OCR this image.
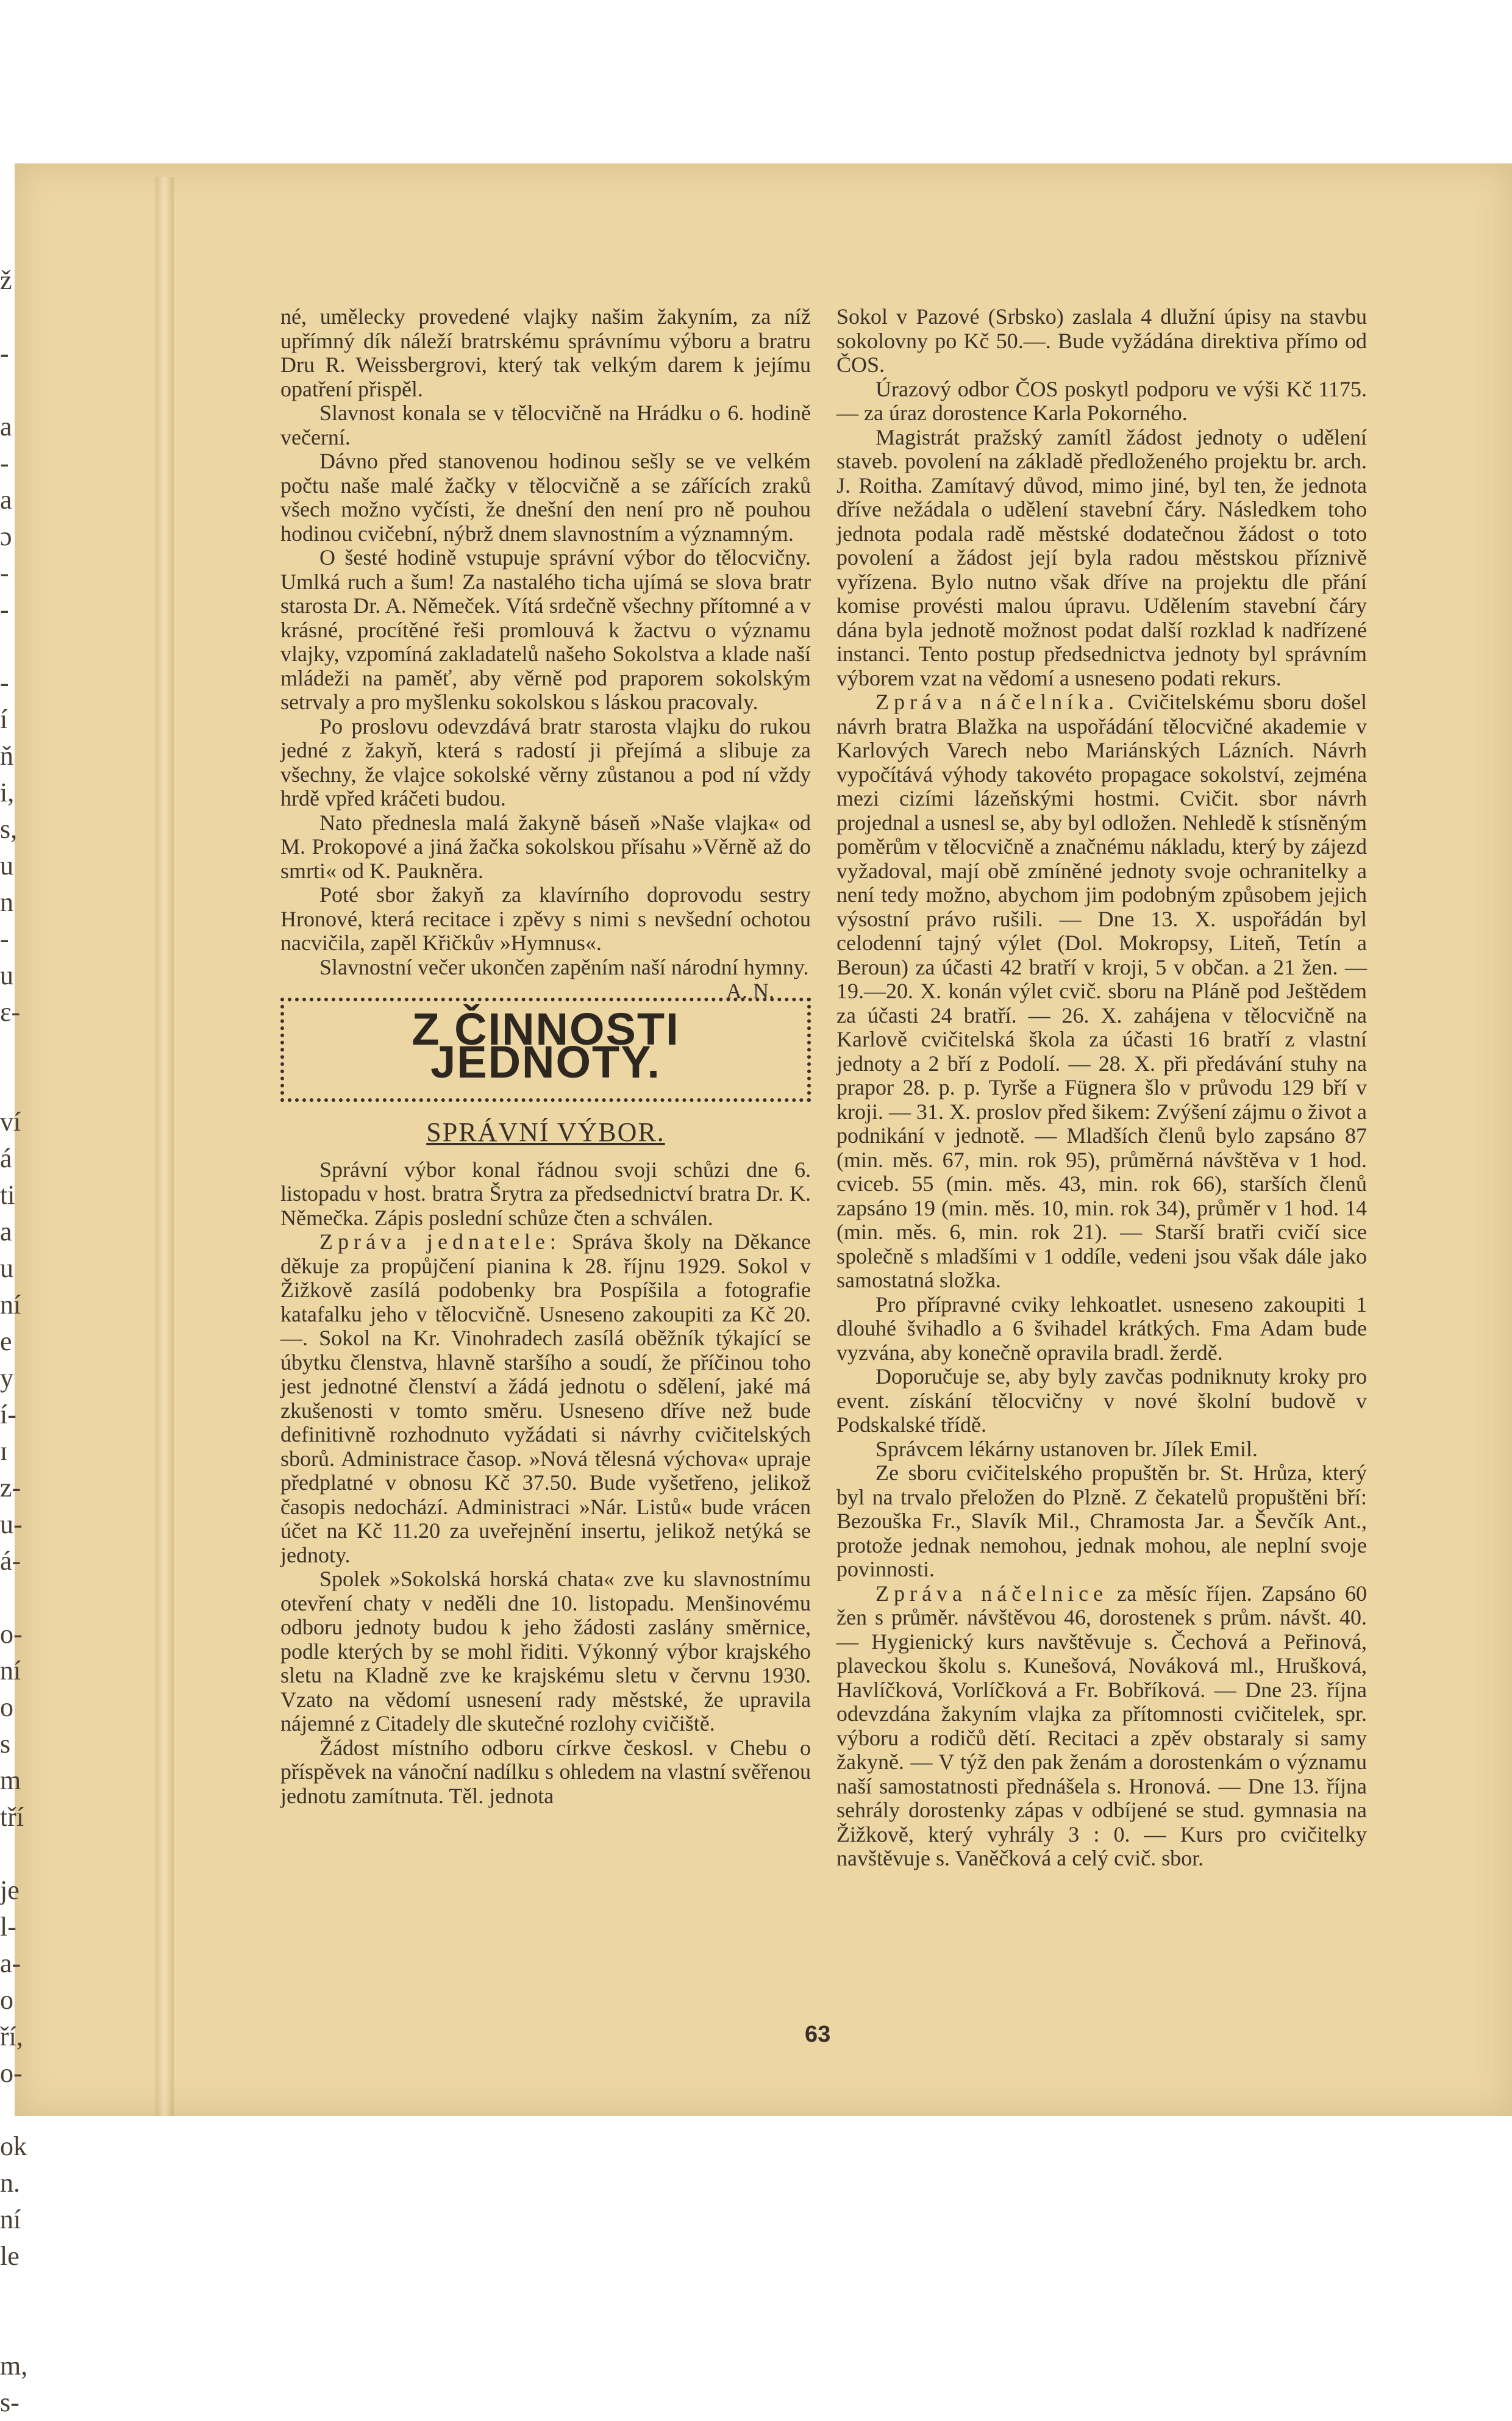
ž
-
a
-
a
ɔ
-
-
-
í
ň
i,
s,
u
n
-
u
ε-
ví
á
ti
a
u
ní
e
y
í-
ɪ
z-
u-
á-
o-
ní
o
s
m
tří
je
l-
a-
o
ří,
o-
ok
n.
ní
le
m,
s-

né, umělecky provedené vlajky našim žakyním, za níž upřímný dík náleží bratrskému správnímu výboru a bratru Dru R. Weissbergrovi, který tak velkým darem k jejímu opatření přispěl.

Slavnost konala se v tělocvičně na Hrádku o 6. hodině večerní.

Dávno před stanovenou hodinou sešly se ve velkém počtu naše malé žačky v tělocvičně a se zářících zraků všech možno vyčísti, že dnešní den není pro ně pouhou hodinou cvičební, nýbrž dnem slavnostním a významným.

O šesté hodině vstupuje správní výbor do tělocvičny. Umlká ruch a šum! Za nastalého ticha ujímá se slova bratr starosta Dr. A. Němeček. Vítá srdečně všechny přítomné a v krásné, procítěné řeši promlouvá k žactvu o významu vlajky, vzpomíná zakladatelů našeho Sokolstva a klade naší mládeži na paměť, aby věrně pod praporem sokolským setrvaly a pro myšlenku sokolskou s láskou pracovaly.

Po proslovu odevzdává bratr starosta vlajku do rukou jedné z žakyň, která s radostí ji přejímá a slibuje za všechny, že vlajce sokolské věrny zůstanou a pod ní vždy hrdě vpřed kráčeti budou.

Nato přednesla malá žakyně báseň »Naše vlajka« od M. Prokopové a jiná žačka sokolskou přísahu »Věrně až do smrti« od K. Paukněra.

Poté sbor žakyň za klavírního doprovodu sestry Hronové, která recitace i zpěvy s nimi s nevšední ochotou nacvičila, zapěl Křičkův »Hymnus«.

Slavnostní večer ukončen zapěním naší národní hymny.
A. N.

Z ČINNOSTI JEDNOTY.
SPRÁVNÍ VÝBOR.

Správní výbor konal řádnou svoji schůzi dne 6. listopadu v host. bratra Šrytra za předsednictví bratra Dr. K. Němečka. Zápis poslední schůze čten a schválen.

Zpráva jednatele: Správa školy na Děkance děkuje za propůjčení pianina k 28. říjnu 1929. Sokol v Žižkově zasílá podobenky bra Pospíšila a fotografie katafalku jeho v tělocvičně. Usneseno zakoupiti za Kč 20.—. Sokol na Kr. Vinohradech zasílá oběžník týkající se úbytku členstva, hlavně staršího a soudí, že příčinou toho jest jednotné členství a žádá jednotu o sdělení, jaké má zkušenosti v tomto směru. Usneseno dříve než bude definitivně rozhodnuto vyžádati si návrhy cvičitelských sborů. Administrace časop. »Nová tělesná výchova« upraje předplatné v obnosu Kč 37.50. Bude vyšetřeno, jelikož časopis nedochází. Administraci »Nár. Listů« bude vrácen účet na Kč 11.20 za uveřejnění insertu, jelikož netýká se jednoty.

Spolek »Sokolská horská chata« zve ku slavnostnímu otevření chaty v neděli dne 10. listopadu. Menšinovému odboru jednoty budou k jeho žádosti zaslány směrnice, podle kterých by se mohl řiditi. Výkonný výbor krajského sletu na Kladně zve ke krajskému sletu v červnu 1930. Vzato na vědomí usnesení rady městské, že upravila nájemné z Citadely dle skutečné rozlohy cvičiště.

Žádost místního odboru církve českosl. v Chebu o příspěvek na vánoční nadílku s ohledem na vlastní svěřenou jednotu zamítnuta. Těl. jednota

Sokol v Pazové (Srbsko) zaslala 4 dlužní úpisy na stavbu sokolovny po Kč 50.—. Bude vyžádána direktiva přímo od ČOS.

Úrazový odbor ČOS poskytl podporu ve výši Kč 1175.— za úraz dorostence Karla Pokorného.

Magistrát pražský zamítl žádost jednoty o udělení staveb. povolení na základě předloženého projektu br. arch. J. Roitha. Zamítavý důvod, mimo jiné, byl ten, že jednota dříve nežádala o udělení stavební čáry. Následkem toho jednota podala radě městské dodatečnou žádost o toto povolení a žádost její byla radou městskou příznivě vyřízena. Bylo nutno však dříve na projektu dle přání komise provésti malou úpravu. Udělením stavební čáry dána byla jednotě možnost podat další rozklad k nadřízené instanci. Tento postup předsednictva jednoty byl správním výborem vzat na vědomí a usneseno podati rekurs.

Zpráva náčelníka. Cvičitelskému sboru došel návrh bratra Blažka na uspořádání tělocvičné akademie v Karlových Varech nebo Mariánských Lázních. Návrh vypočítává výhody takovéto propagace sokolství, zejména mezi cizími lázeňskými hostmi. Cvičit. sbor návrh projednal a usnesl se, aby byl odložen. Nehledě k stísněným poměrům v tělocvičně a značnému nákladu, který by zájezd vyžadoval, mají obě zmíněné jednoty svoje ochranitelky a není tedy možno, abychom jim podobným způsobem jejich výsostní právo rušili. — Dne 13. X. uspořádán byl celodenní tajný výlet (Dol. Mokropsy, Liteň, Tetín a Beroun) za účasti 42 bratří v kroji, 5 v občan. a 21 žen. — 19.—20. X. konán výlet cvič. sboru na Pláně pod Ještědem za účasti 24 bratří. — 26. X. zahájena v tělocvičně na Karlově cvičitelská škola za účasti 16 bratří z vlastní jednoty a 2 bří z Podolí. — 28. X. při předávání stuhy na prapor 28. p. p. Tyrše a Fügnera šlo v průvodu 129 bří v kroji. — 31. X. proslov před šikem: Zvýšení zájmu o život a podnikání v jednotě. — Mladších členů bylo zapsáno 87 (min. měs. 67, min. rok 95), průměrná návštěva v 1 hod. cviceb. 55 (min. měs. 43, min. rok 66), starších členů zapsáno 19 (min. měs. 10, min. rok 34), průměr v 1 hod. 14 (min. měs. 6, min. rok 21). — Starší bratři cvičí sice společně s mladšími v 1 oddíle, vedeni jsou však dále jako samostatná složka.

Pro přípravné cviky lehkoatlet. usneseno zakoupiti 1 dlouhé švihadlo a 6 švihadel krátkých. Fma Adam bude vyzvána, aby konečně opravila bradl. žerdě.

Doporučuje se, aby byly zavčas podniknuty kroky pro event. získání tělocvičny v nové školní budově v Podskalské třídě.

Správcem lékárny ustanoven br. Jílek Emil.

Ze sboru cvičitelského propuštěn br. St. Hrůza, který byl na trvalo přeložen do Plzně. Z čekatelů propuštěni bří: Bezouška Fr., Slavík Mil., Chramosta Jar. a Ševčík Ant., protože jednak nemohou, jednak mohou, ale neplní svoje povinnosti.

Zpráva náčelnice za měsíc říjen. Zapsáno 60 žen s průměr. návštěvou 46, dorostenek s prům. návšt. 40. — Hygienický kurs navštěvuje s. Čechová a Peřinová, plaveckou školu s. Kunešová, Nováková ml., Hrušková, Havlíčková, Vorlíčková a Fr. Bobříková. — Dne 23. října odevzdána žakyním vlajka za přítomnosti cvičitelek, spr. výboru a rodičů dětí. Recitaci a zpěv obstaraly si samy žakyně. — V týž den pak ženám a dorostenkám o významu naší samostatnosti přednášela s. Hronová. — Dne 13. října sehrály dorostenky zápas v odbíjené se stud. gymnasia na Žižkově, který vyhrály 3 : 0. — Kurs pro cvičitelky navštěvuje s. Vaněčková a celý cvič. sbor.

63
